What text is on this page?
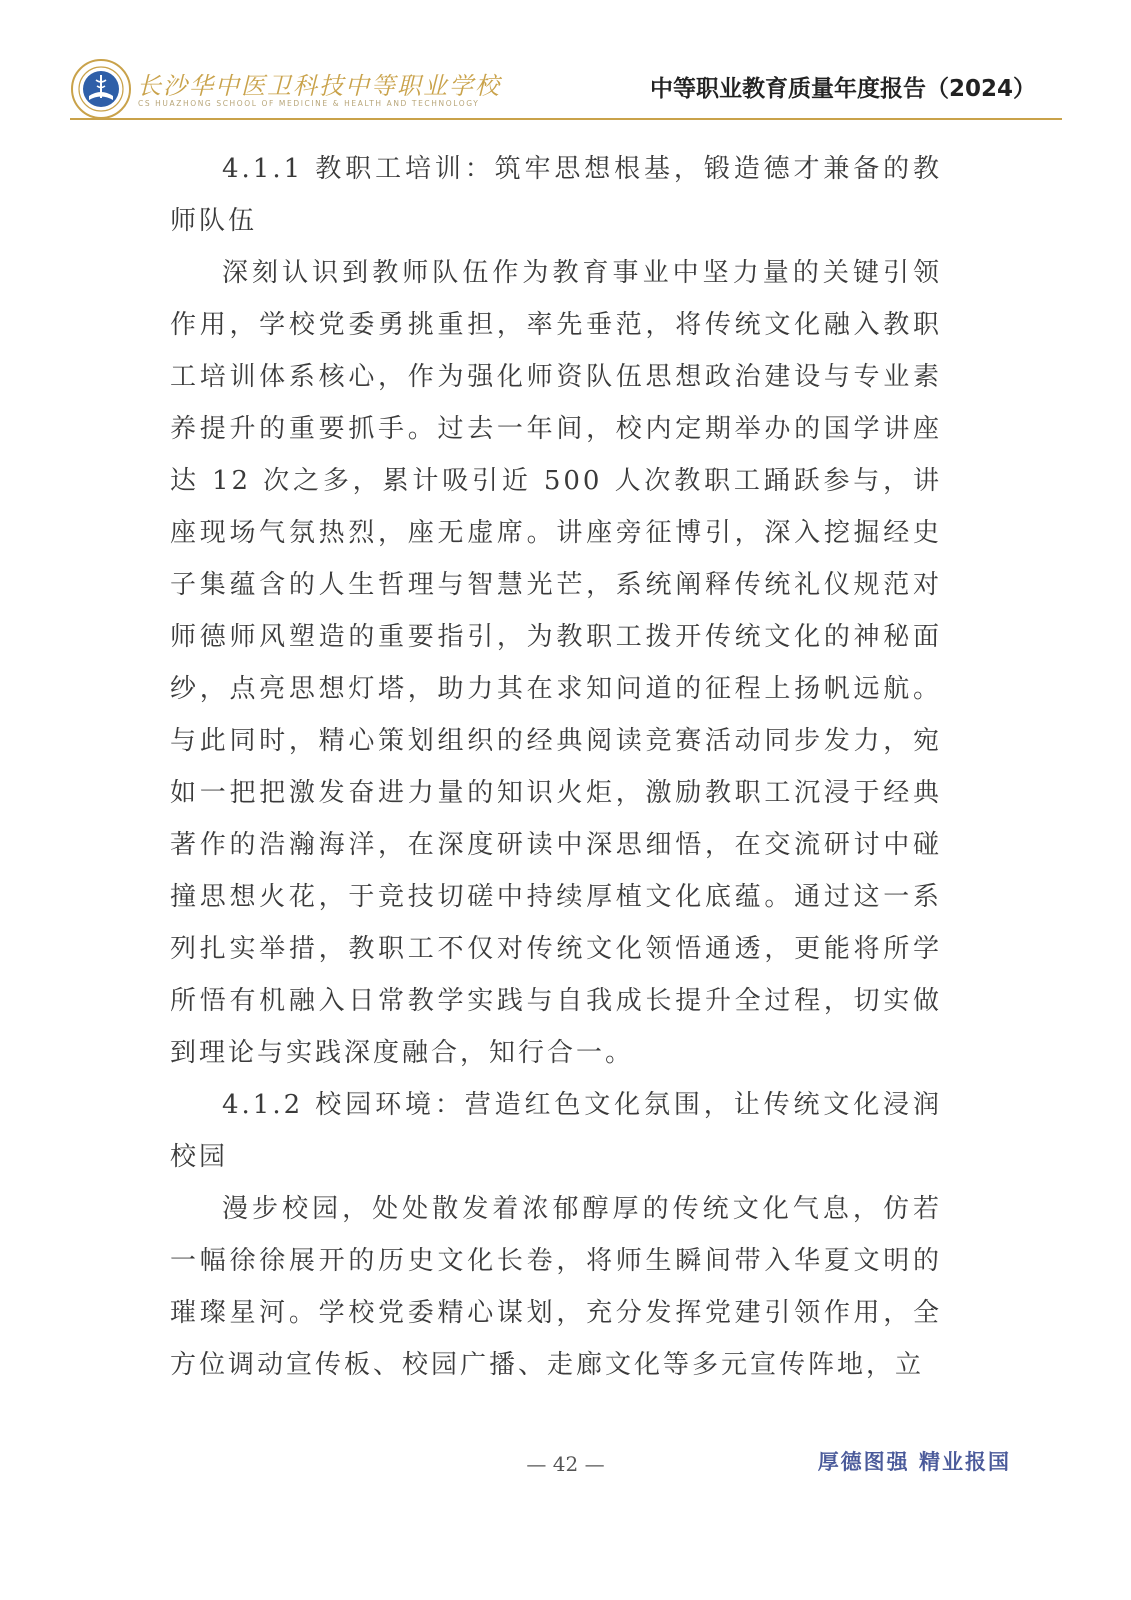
长沙华中医卫科技中等职业学校
CS HUAZHONG SCHOOL OF MEDICINE & HEALTH AND TECHNOLOGY
中等职业教育质量年度报告（2024）

4.1.1 教职工培训：筑牢思想根基，锻造德才兼备的教师队伍

深刻认识到教师队伍作为教育事业中坚力量的关键引领作用，学校党委勇挑重担，率先垂范，将传统文化融入教职工培训体系核心，作为强化师资队伍思想政治建设与专业素养提升的重要抓手。过去一年间，校内定期举办的国学讲座达 12 次之多，累计吸引近 500 人次教职工踊跃参与，讲座现场气氛热烈，座无虚席。讲座旁征博引，深入挖掘经史子集蕴含的人生哲理与智慧光芒，系统阐释传统礼仪规范对师德师风塑造的重要指引，为教职工拨开传统文化的神秘面纱，点亮思想灯塔，助力其在求知问道的征程上扬帆远航。与此同时，精心策划组织的经典阅读竞赛活动同步发力，宛如一把把激发奋进力量的知识火炬，激励教职工沉浸于经典著作的浩瀚海洋，在深度研读中深思细悟，在交流研讨中碰撞思想火花，于竞技切磋中持续厚植文化底蕴。通过这一系列扎实举措，教职工不仅对传统文化领悟通透，更能将所学所悟有机融入日常教学实践与自我成长提升全过程，切实做到理论与实践深度融合，知行合一。

4.1.2 校园环境：营造红色文化氛围，让传统文化浸润校园

漫步校园，处处散发着浓郁醇厚的传统文化气息，仿若一幅徐徐展开的历史文化长卷，将师生瞬间带入华夏文明的璀璨星河。学校党委精心谋划，充分发挥党建引领作用，全方位调动宣传板、校园广播、走廊文化等多元宣传阵地，立

— 42 —	厚德图强 精业报国
